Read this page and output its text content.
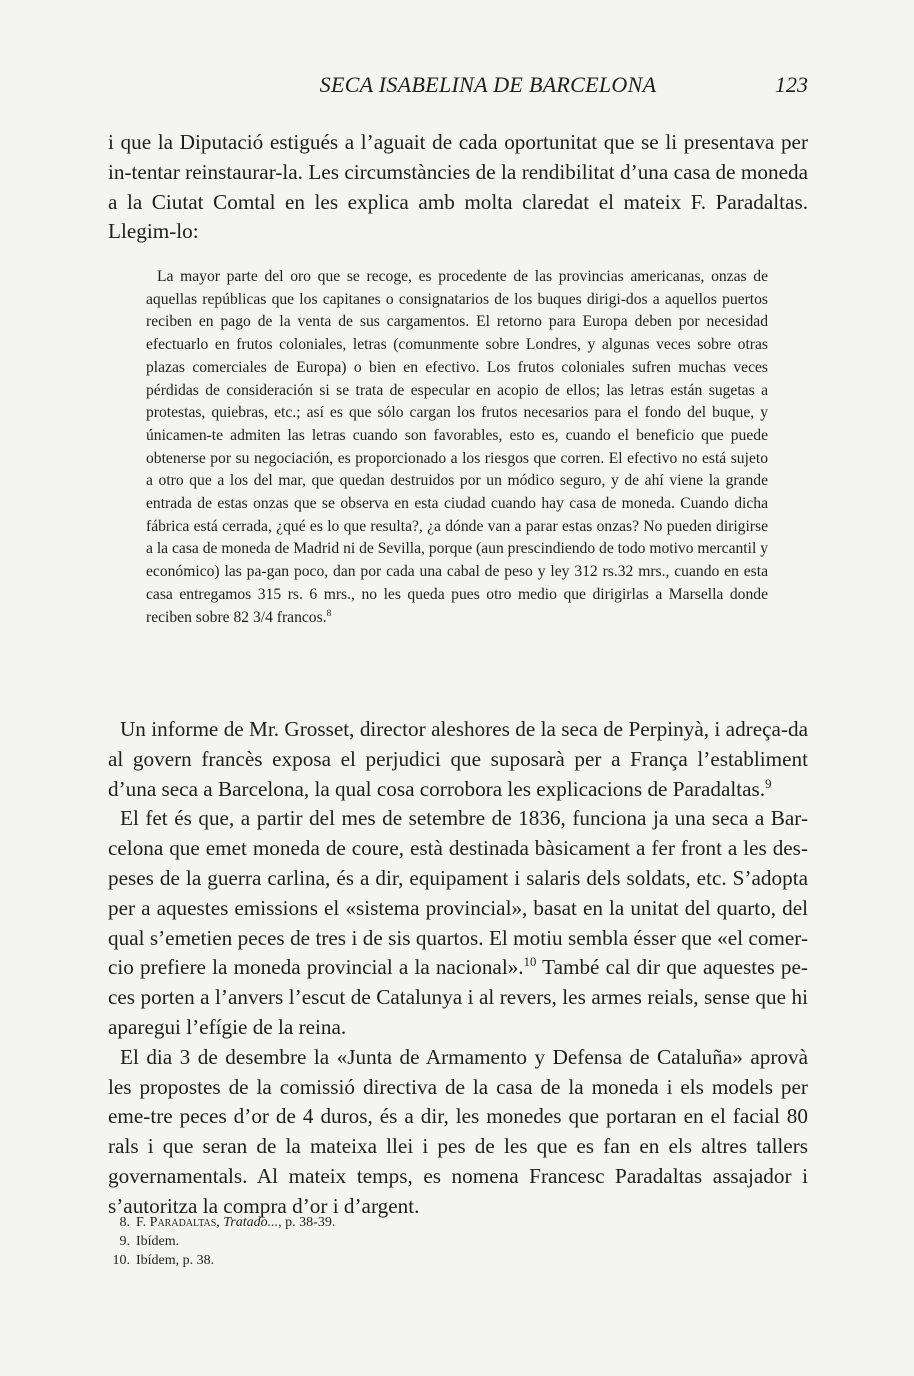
SECA ISABELINA DE BARCELONA	123

i que la Diputació estigués a l’aguait de cada oportunitat que se li presentava per in-tentar reinstaurar-la. Les circumstàncies de la rendibilitat d’una casa de moneda a la Ciutat Comtal en les explica amb molta claredat el mateix F. Paradaltas. Llegim-lo:

La mayor parte del oro que se recoge, es procedente de las provincias americanas, onzas de aquellas repúblicas que los capitanes o consignatarios de los buques dirigi-dos a aquellos puertos reciben en pago de la venta de sus cargamentos. El retorno para Europa deben por necesidad efectuarlo en frutos coloniales, letras (comunmente sobre Londres, y algunas veces sobre otras plazas comerciales de Europa) o bien en efectivo. Los frutos coloniales sufren muchas veces pérdidas de consideración si se trata de especular en acopio de ellos; las letras están sugetas a protestas, quiebras, etc.; así es que sólo cargan los frutos necesarios para el fondo del buque, y únicamen-te admiten las letras cuando son favorables, esto es, cuando el beneficio que puede obtenerse por su negociación, es proporcionado a los riesgos que corren. El efectivo no está sujeto a otro que a los del mar, que quedan destruidos por un módico seguro, y de ahí viene la grande entrada de estas onzas que se observa en esta ciudad cuando hay casa de moneda. Cuando dicha fábrica está cerrada, ¿qué es lo que resulta?, ¿a dónde van a parar estas onzas? No pueden dirigirse a la casa de moneda de Madrid ni de Sevilla, porque (aun prescindiendo de todo motivo mercantil y económico) las pa-gan poco, dan por cada una cabal de peso y ley 312 rs.32 mrs., cuando en esta casa entregamos 315 rs. 6 mrs., no les queda pues otro medio que dirigirlas a Marsella donde reciben sobre 82 3/4 francos.$^8$

Un informe de Mr. Grosset, director aleshores de la seca de Perpinyà, i adreça-da al govern francès exposa el perjudici que suposarà per a França l’establiment d’una seca a Barcelona, la qual cosa corrobora les explicacions de Paradaltas.$^9$

El fet és que, a partir del mes de setembre de 1836, funciona ja una seca a Bar-celona que emet moneda de coure, està destinada bàsicament a fer front a les des-peses de la guerra carlina, és a dir, equipament i salaris dels soldats, etc. S’adopta per a aquestes emissions el «sistema provincial», basat en la unitat del quarto, del qual s’emetien peces de tres i de sis quartos. El motiu sembla ésser que «el comer-cio prefiere la moneda provincial a la nacional».$^{10}$ També cal dir que aquestes pe-ces porten a l’anvers l’escut de Catalunya i al revers, les armes reials, sense que hi aparegui l’efígie de la reina.

El dia 3 de desembre la «Junta de Armamento y Defensa de Cataluña» aprovà les propostes de la comissió directiva de la casa de la moneda i els models per eme-tre peces d’or de 4 duros, és a dir, les monedes que portaran en el facial 80 rals i que seran de la mateixa llei i pes de les que es fan en els altres tallers governamentals. Al mateix temps, es nomena Francesc Paradaltas assajador i s’autoritza la compra d’or i d’argent.

8. F. Paradaltas, Tratado..., p. 38-39.
9. Ibídem.
10. Ibídem, p. 38.
